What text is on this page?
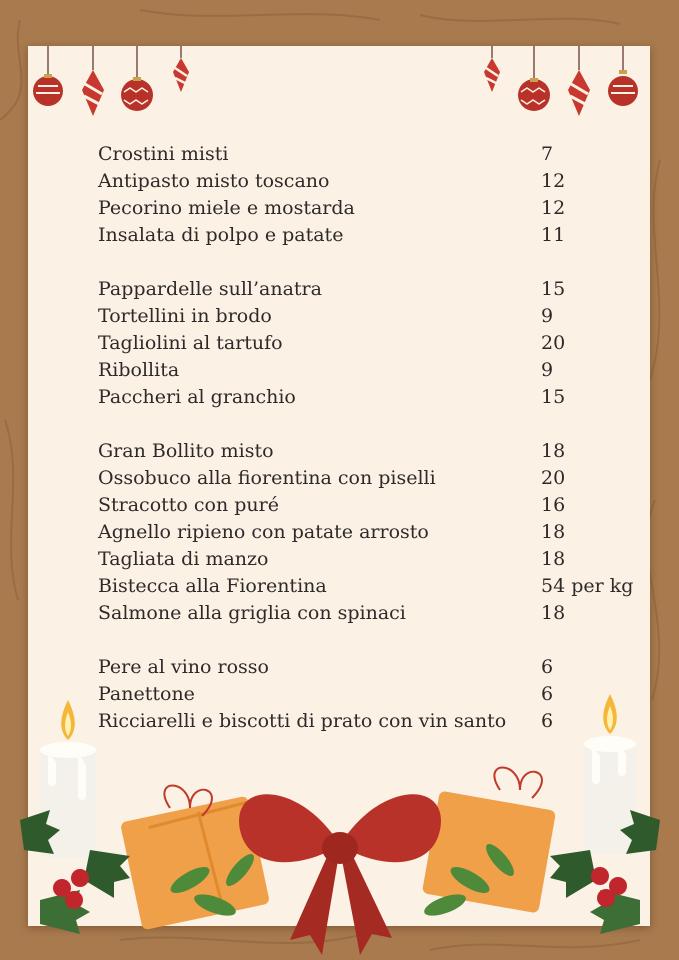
Crostini misti	7
Antipasto misto toscano	12
Pecorino miele e mostarda	12
Insalata di polpo e patate	11
Pappardelle sull’anatra	15
Tortellini in brodo	9
Tagliolini al tartufo	20
Ribollita	9
Paccheri al granchio	15
Gran Bollito misto	18
Ossobuco alla fiorentina con piselli	20
Stracotto con puré	16
Agnello ripieno con patate arrosto	18
Tagliata di manzo	18
Bistecca alla Fiorentina	54 per kg
Salmone alla griglia con spinaci	18
Pere al vino rosso	6
Panettone	6
Ricciarelli e biscotti di prato con vin santo 6
